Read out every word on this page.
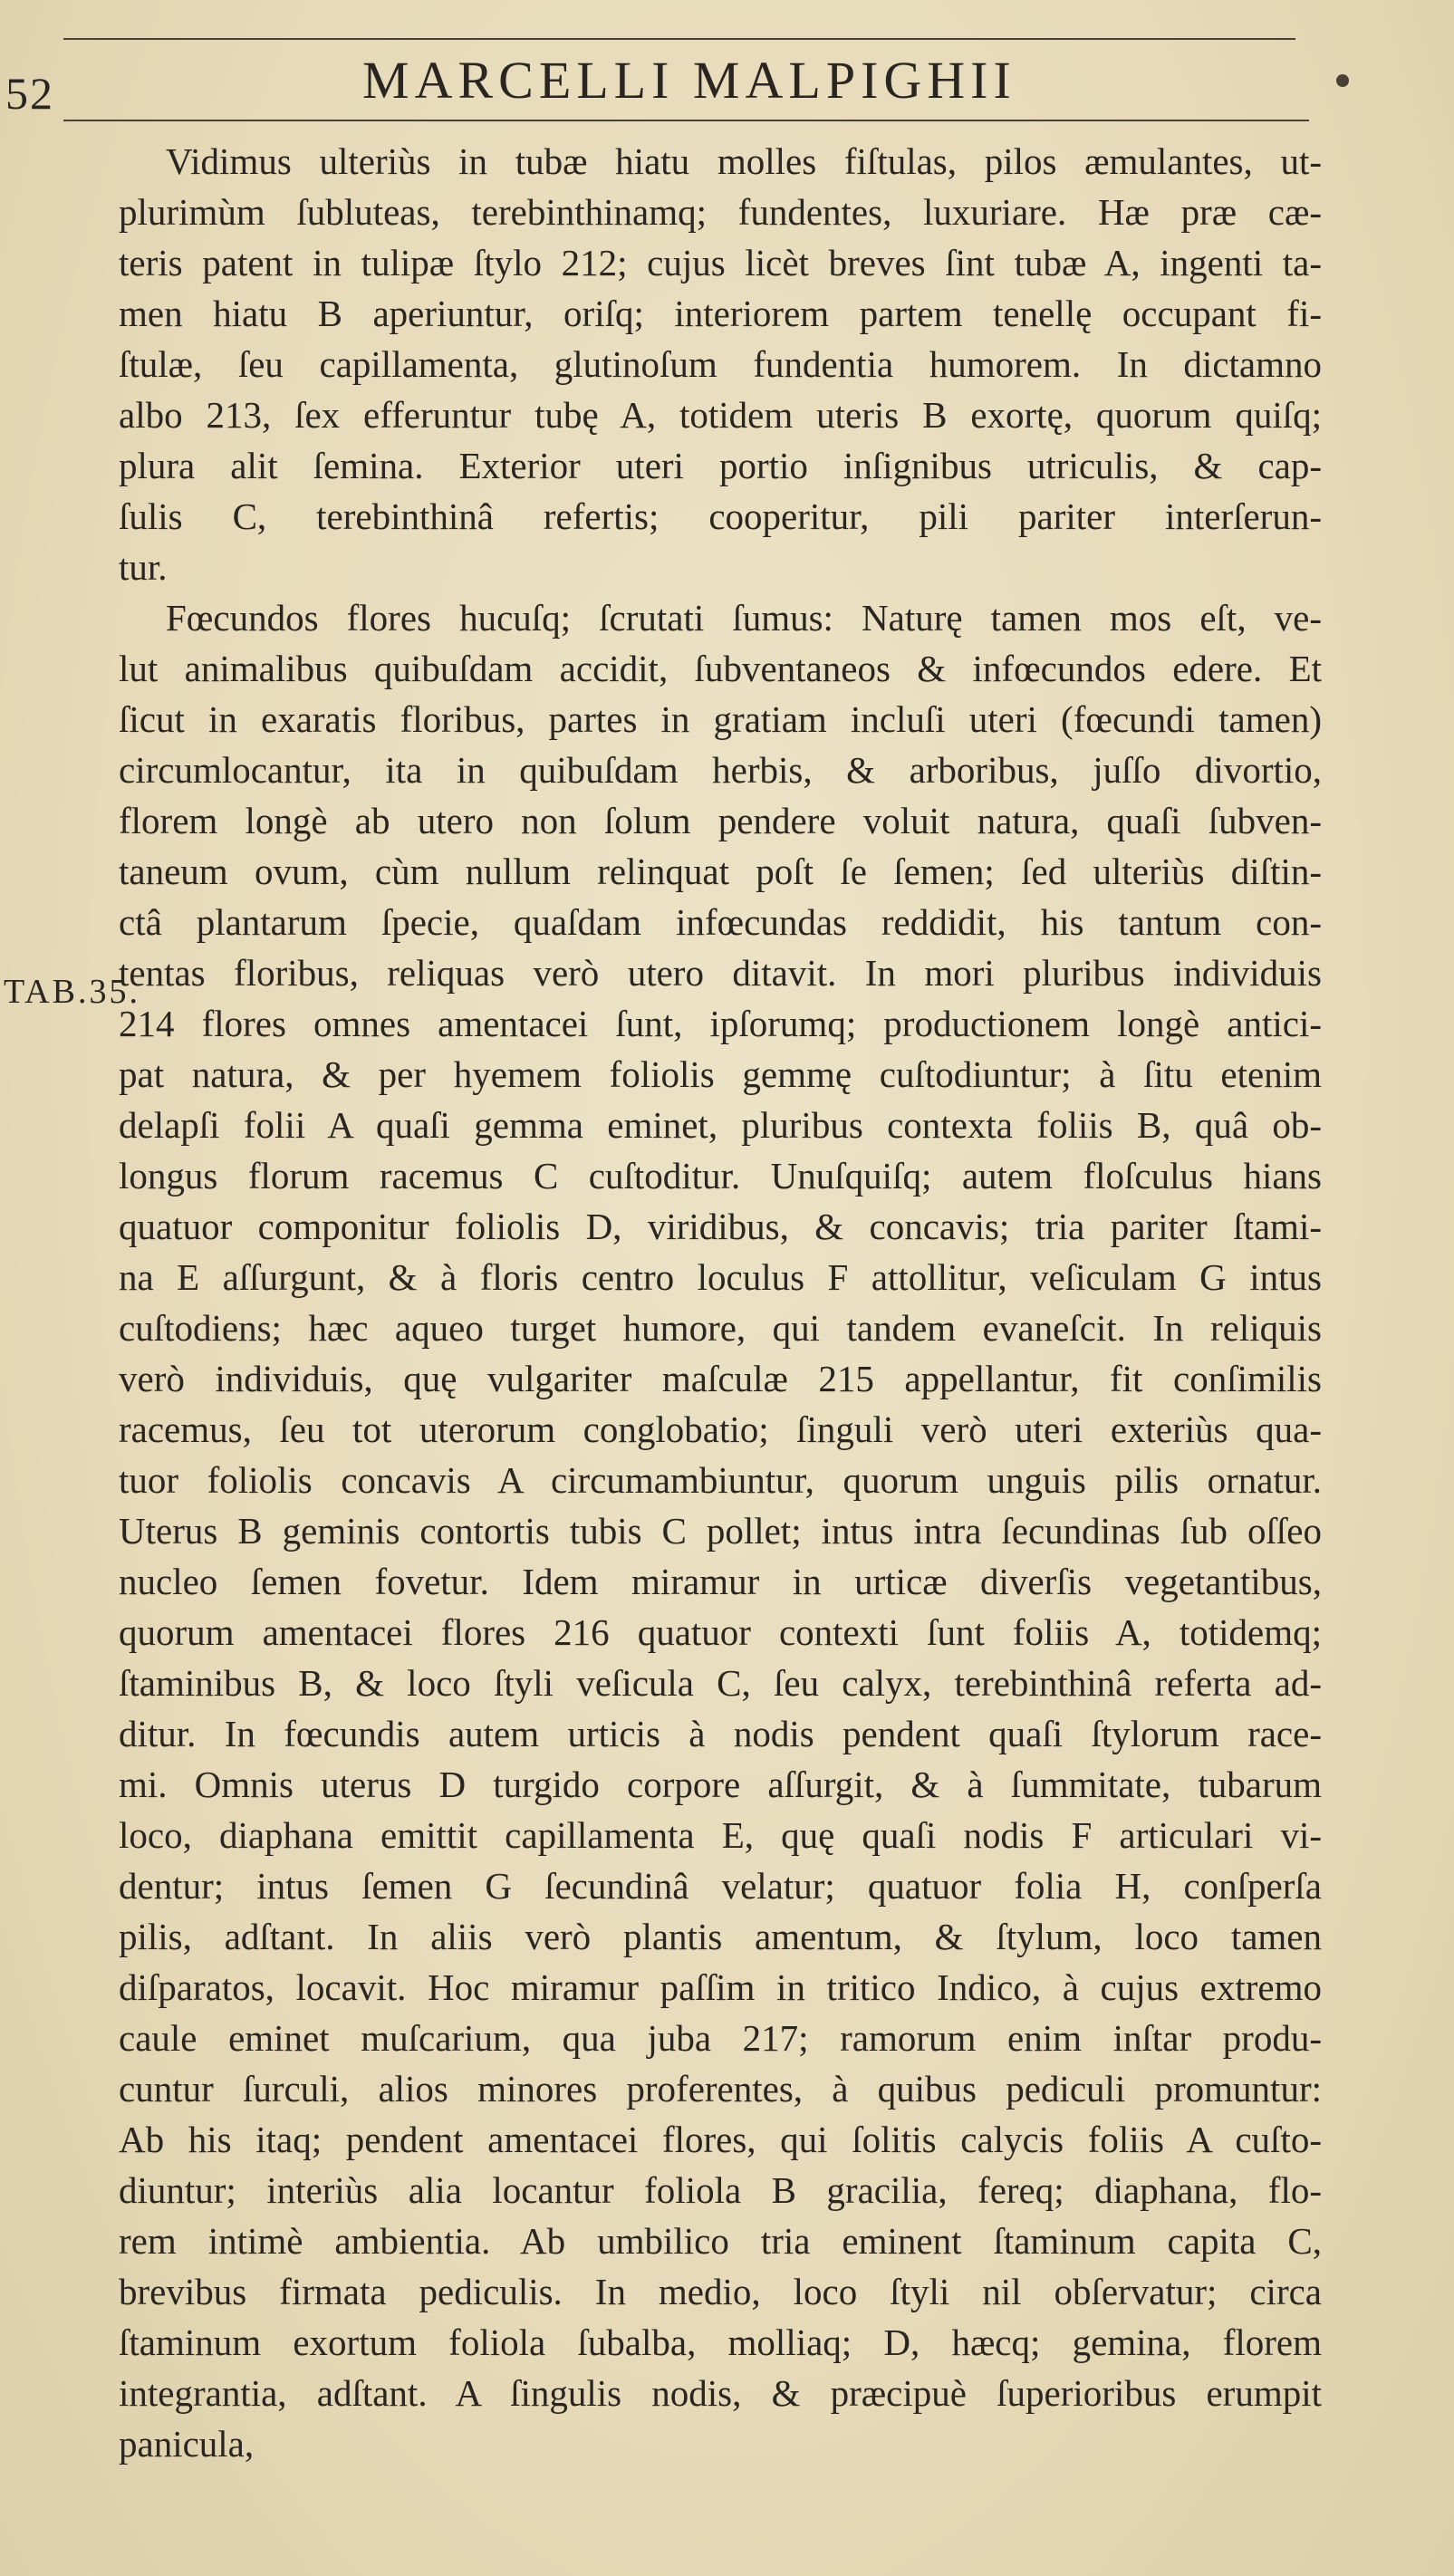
52	MARCELLI MALPIGHII
TAB.35.
Vidimus ulteriùs in tubæ hiatu molles fiſtulas, pilos æmulantes, ut-
plurimùm ſubluteas, terebinthinamq; fundentes, luxuriare. Hæ præ cæ-
teris patent in tulipæ ſtylo 212; cujus licèt breves ſint tubæ A, ingenti ta-
men hiatu B aperiuntur, oriſq; interiorem partem tenellę occupant fi-
ſtulæ, ſeu capillamenta, glutinoſum fundentia humorem. In dictamno
albo 213, ſex efferuntur tubę A, totidem uteris B exortę, quorum quiſq;
plura alit ſemina. Exterior uteri portio inſignibus utriculis, & cap-
ſulis C, terebinthinâ refertis; cooperitur, pili pariter interſerun-
tur.
Fœcundos flores hucuſq; ſcrutati ſumus: Naturę tamen mos eſt, ve-
lut animalibus quibuſdam accidit, ſubventaneos & infœcundos edere. Et
ſicut in exaratis floribus, partes in gratiam incluſi uteri (fœcundi tamen)
circumlocantur, ita in quibuſdam herbis, & arboribus, juſſo divortio,
florem longè ab utero non ſolum pendere voluit natura, quaſi ſubven-
taneum ovum, cùm nullum relinquat poſt ſe ſemen; ſed ulteriùs diſtin-
ctâ plantarum ſpecie, quaſdam infœcundas reddidit, his tantum con-
tentas floribus, reliquas verò utero ditavit. In mori pluribus individuis
214 flores omnes amentacei ſunt, ipſorumq; productionem longè antici-
pat natura, & per hyemem foliolis gemmę cuſtodiuntur; à ſitu etenim
delapſi folii A quaſi gemma eminet, pluribus contexta foliis B, quâ ob-
longus florum racemus C cuſtoditur. Unuſquiſq; autem floſculus hians
quatuor componitur foliolis D, viridibus, & concavis; tria pariter ſtami-
na E aſſurgunt, & à floris centro loculus F attollitur, veſiculam G intus
cuſtodiens; hæc aqueo turget humore, qui tandem evaneſcit. In reliquis
verò individuis, quę vulgariter maſculæ 215 appellantur, fit conſimilis
racemus, ſeu tot uterorum conglobatio; ſinguli verò uteri exteriùs qua-
tuor foliolis concavis A circumambiuntur, quorum unguis pilis ornatur.
Uterus B geminis contortis tubis C pollet; intus intra ſecundinas ſub oſſeo
nucleo ſemen fovetur. Idem miramur in urticæ diverſis vegetantibus,
quorum amentacei flores 216 quatuor contexti ſunt foliis A, totidemq;
ſtaminibus B, & loco ſtyli veſicula C, ſeu calyx, terebinthinâ referta ad-
ditur. In fœcundis autem urticis à nodis pendent quaſi ſtylorum race-
mi. Omnis uterus D turgido corpore aſſurgit, & à ſummitate, tubarum
loco, diaphana emittit capillamenta E, quę quaſi nodis F articulari vi-
dentur; intus ſemen G ſecundinâ velatur; quatuor folia H, conſperſa
pilis, adſtant. In aliis verò plantis amentum, & ſtylum, loco tamen
diſparatos, locavit. Hoc miramur paſſim in tritico Indico, à cujus extremo
caule eminet muſcarium, qua juba 217; ramorum enim inſtar produ-
cuntur ſurculi, alios minores proferentes, à quibus pediculi promuntur:
Ab his itaq; pendent amentacei flores, qui ſolitis calycis foliis A cuſto-
diuntur; interiùs alia locantur foliola B gracilia, fereq; diaphana, flo-
rem intimè ambientia. Ab umbilico tria eminent ſtaminum capita C,
brevibus firmata pediculis. In medio, loco ſtyli nil obſervatur; circa
ſtaminum exortum foliola ſubalba, molliaq; D, hæcq; gemina, florem
integrantia, adſtant. A ſingulis nodis, & præcipuè ſuperioribus erumpit
panicula,
